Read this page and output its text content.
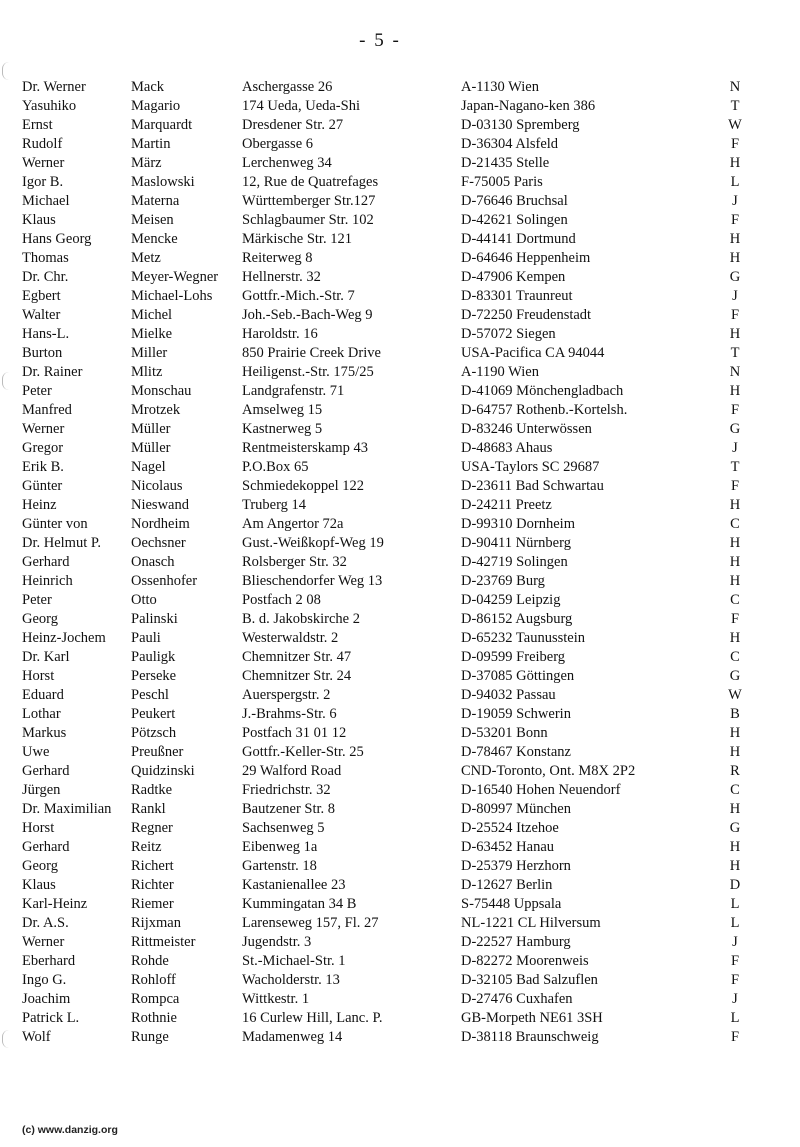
- 5 -
Dr. Werner	Mack	Aschergasse 26	A-1130 Wien	N
Yasuhiko	Magario	174 Ueda, Ueda-Shi	Japan-Nagano-ken 386	T
Ernst	Marquardt	Dresdener Str. 27	D-03130 Spremberg	W
Rudolf	Martin	Obergasse 6	D-36304 Alsfeld	F
Werner	März	Lerchenweg 34	D-21435 Stelle	H
Igor B.	Maslowski	12, Rue de Quatrefages	F-75005 Paris	L
Michael	Materna	Württemberger Str.127	D-76646 Bruchsal	J
Klaus	Meisen	Schlagbaumer Str. 102	D-42621 Solingen	F
Hans Georg	Mencke	Märkische Str. 121	D-44141 Dortmund	H
Thomas	Metz	Reiterweg 8	D-64646 Heppenheim	H
Dr. Chr.	Meyer-Wegner	Hellnerstr. 32	D-47906 Kempen	G
Egbert	Michael-Lohs	Gottfr.-Mich.-Str. 7	D-83301 Traunreut	J
Walter	Michel	Joh.-Seb.-Bach-Weg 9	D-72250 Freudenstadt	F
Hans-L.	Mielke	Haroldstr. 16	D-57072 Siegen	H
Burton	Miller	850 Prairie Creek Drive	USA-Pacifica CA 94044	T
Dr. Rainer	Mlitz	Heiligenst.-Str. 175/25	A-1190 Wien	N
Peter	Monschau	Landgrafenstr. 71	D-41069 Mönchengladbach	H
Manfred	Mrotzek	Amselweg 15	D-64757 Rothenb.-Kortelsh.	F
Werner	Müller	Kastnerweg 5	D-83246 Unterwössen	G
Gregor	Müller	Rentmeisterskamp 43	D-48683 Ahaus	J
Erik B.	Nagel	P.O.Box 65	USA-Taylors SC 29687	T
Günter	Nicolaus	Schmiedekoppel 122	D-23611 Bad Schwartau	F
Heinz	Nieswand	Truberg 14	D-24211 Preetz	H
Günter von	Nordheim	Am Angertor 72a	D-99310 Dornheim	C
Dr. Helmut P.	Oechsner	Gust.-Weißkopf-Weg 19	D-90411 Nürnberg	H
Gerhard	Onasch	Rolsberger Str. 32	D-42719 Solingen	H
Heinrich	Ossenhofer	Blieschendorfer Weg 13	D-23769 Burg	H
Peter	Otto	Postfach 2 08	D-04259 Leipzig	C
Georg	Palinski	B. d. Jakobskirche 2	D-86152 Augsburg	F
Heinz-Jochem	Pauli	Westerwaldstr. 2	D-65232 Taunusstein	H
Dr. Karl	Pauligk	Chemnitzer Str. 47	D-09599 Freiberg	C
Horst	Perseke	Chemnitzer Str. 24	D-37085 Göttingen	G
Eduard	Peschl	Auerspergstr. 2	D-94032 Passau	W
Lothar	Peukert	J.-Brahms-Str. 6	D-19059 Schwerin	B
Markus	Pötzsch	Postfach 31 01 12	D-53201 Bonn	H
Uwe	Preußner	Gottfr.-Keller-Str. 25	D-78467 Konstanz	H
Gerhard	Quidzinski	29 Walford Road	CND-Toronto, Ont. M8X 2P2	R
Jürgen	Radtke	Friedrichstr. 32	D-16540 Hohen Neuendorf	C
Dr. Maximilian	Rankl	Bautzener Str. 8	D-80997 München	H
Horst	Regner	Sachsenweg 5	D-25524 Itzehoe	G
Gerhard	Reitz	Eibenweg 1a	D-63452 Hanau	H
Georg	Richert	Gartenstr. 18	D-25379 Herzhorn	H
Klaus	Richter	Kastanienallee 23	D-12627 Berlin	D
Karl-Heinz	Riemer	Kummingatan 34 B	S-75448 Uppsala	L
Dr. A.S.	Rijxman	Larenseweg 157, Fl. 27	NL-1221 CL Hilversum	L
Werner	Rittmeister	Jugendstr. 3	D-22527 Hamburg	J
Eberhard	Rohde	St.-Michael-Str. 1	D-82272 Moorenweis	F
Ingo G.	Rohloff	Wacholderstr. 13	D-32105 Bad Salzuflen	F
Joachim	Rompca	Wittkestr. 1	D-27476 Cuxhafen	J
Patrick L.	Rothnie	16 Curlew Hill, Lanc. P.	GB-Morpeth NE61 3SH	L
Wolf	Runge	Madamenweg 14	D-38118 Braunschweig	F
(c) www.danzig.org
